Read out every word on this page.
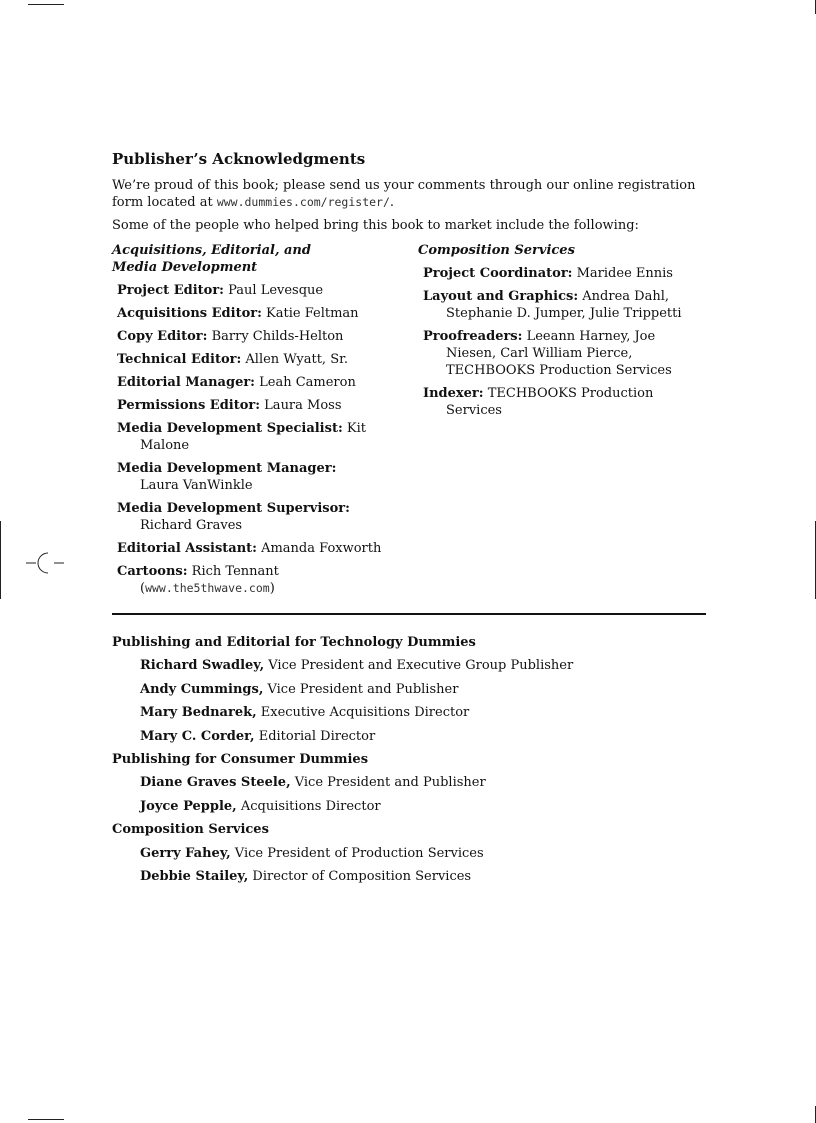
Publisher’s Acknowledgments

We’re proud of this book; please send us your comments through our online registration form located at www.dummies.com/register/.

Some of the people who helped bring this book to market include the following:

Acquisitions, Editorial, and
Media Development
Project Editor: Paul Levesque
Acquisitions Editor: Katie Feltman
Copy Editor: Barry Childs-Helton
Technical Editor: Allen Wyatt, Sr.
Editorial Manager: Leah Cameron
Permissions Editor: Laura Moss
Media Development Specialist: Kit Malone
Media Development Manager:
Laura VanWinkle
Media Development Supervisor:
Richard Graves
Editorial Assistant: Amanda Foxworth
Cartoons: Rich Tennant
(www.the5thwave.com)
Composition Services
Project Coordinator: Maridee Ennis
Layout and Graphics: Andrea Dahl, Stephanie D. Jumper, Julie Trippetti
Proofreaders: Leeann Harney, Joe Niesen, Carl William Pierce, TECHBOOKS Production Services
Indexer: TECHBOOKS Production Services
Publishing and Editorial for Technology Dummies
Richard Swadley, Vice President and Executive Group Publisher
Andy Cummings, Vice President and Publisher
Mary Bednarek, Executive Acquisitions Director
Mary C. Corder, Editorial Director
Publishing for Consumer Dummies
Diane Graves Steele, Vice President and Publisher
Joyce Pepple, Acquisitions Director
Composition Services
Gerry Fahey, Vice President of Production Services
Debbie Stailey, Director of Composition Services
